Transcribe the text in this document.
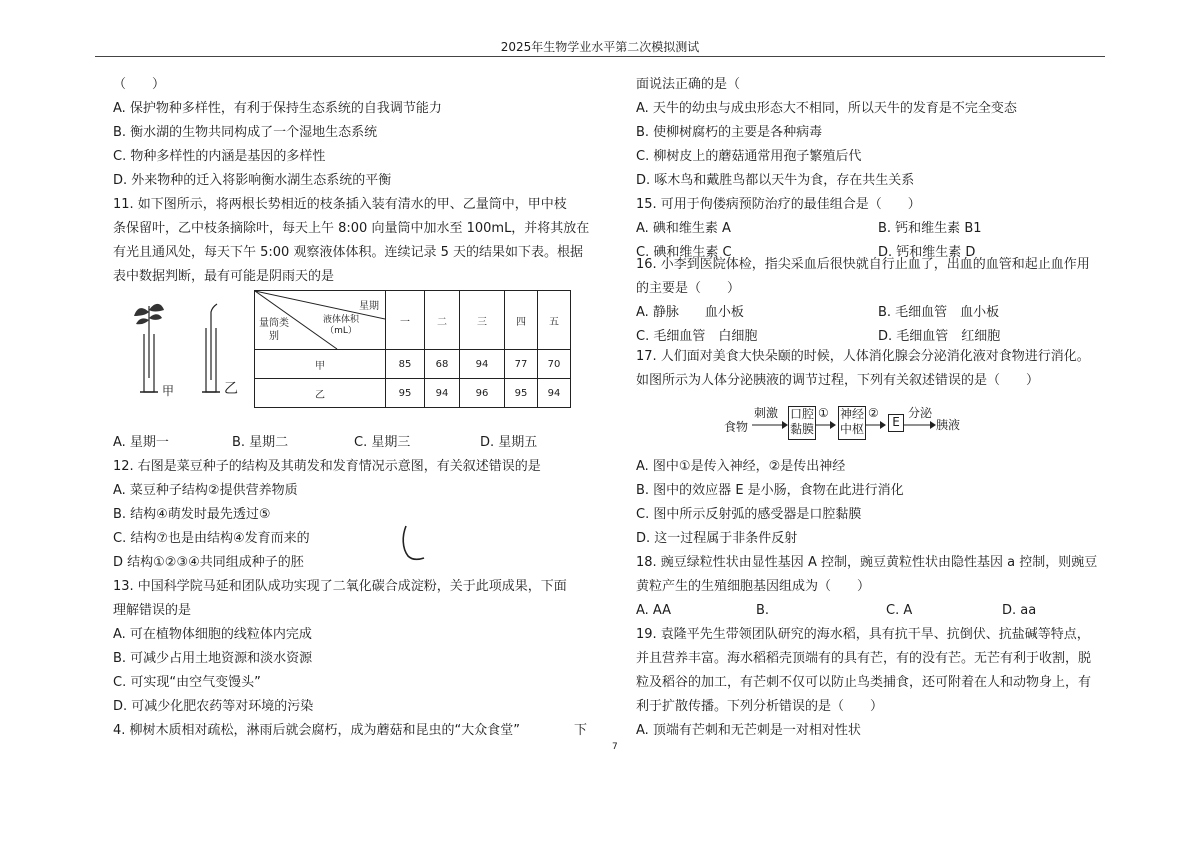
2025年生物学业水平第二次模拟测试
（　　）
A. 保护物种多样性，有利于保持生态系统的自我调节能力
B. 衡水湖的生物共同构成了一个湿地生态系统
C. 物种多样性的内涵是基因的多样性
D. 外来物种的迁入将影响衡水湖生态系统的平衡
11. 如下图所示，将两根长势相近的枝条插入装有清水的甲、乙量筒中，甲中枝
条保留叶，乙中枝条摘除叶，每天上午 8:00 向量筒中加水至 100mL，并将其放在
有光且通风处，每天下午 5:00 观察液体体积。连续记录 5 天的结果如下表。根据
表中数据判断，最有可能是阴雨天的是
甲	乙
星期
液体体积（mL）
量筒类别	一	二	三	四	五
甲	85	68	94	77	70
乙	95	94	96	95	94
A. 星期一	B. 星期二	C. 星期三	D. 星期五
12. 右图是菜豆种子的结构及其萌发和发育情况示意图，有关叙述错误的是
A. 菜豆种子结构②提供营养物质
B. 结构④萌发时最先透过⑤
C. 结构⑦也是由结构④发育而来的
D 结构①②③④共同组成种子的胚
13. 中国科学院马延和团队成功实现了二氧化碳合成淀粉，关于此项成果，下面
理解错误的是
A. 可在植物体细胞的线粒体内完成
B. 可减少占用土地资源和淡水资源
C. 可实现“由空气变馒头”
D. 可减少化肥农药等对环境的污染
4. 柳树木质相对疏松，淋雨后就会腐朽，成为蘑菇和昆虫的“大众食堂”	下
面说法正确的是（
A. 天牛的幼虫与成虫形态大不相同，所以天牛的发育是不完全变态
B. 使柳树腐朽的主要是各种病毒
C. 柳树皮上的蘑菇通常用孢子繁殖后代
D. 啄木鸟和戴胜鸟都以天牛为食，存在共生关系
15. 可用于佝偻病预防治疗的最佳组合是（　　）
A. 碘和维生素 A	B. 钙和维生素 B1
C. 碘和维生素 C	D. 钙和维生素 D
16. 小李到医院体检，指尖采血后很快就自行止血了，出血的血管和起止血作用
的主要是（　　）
A. 静脉　　血小板	B. 毛细血管　血小板
C. 毛细血管　白细胞	D. 毛细血管　红细胞
17. 人们面对美食大快朵颐的时候，人体消化腺会分泌消化液对食物进行消化。
如图所示为人体分泌胰液的调节过程，下列有关叙述错误的是（　　）
食物
刺激 口腔黏膜
① 神经中枢
②
E
分泌
胰液
A. 图中①是传入神经，②是传出神经
B. 图中的效应器 E 是小肠，食物在此进行消化
C. 图中所示反射弧的感受器是口腔黏膜
D. 这一过程属于非条件反射
18. 豌豆绿粒性状由显性基因 A 控制，豌豆黄粒性状由隐性基因 a 控制，则豌豆
黄粒产生的生殖细胞基因组成为（　　）
A. AA	B.	C. A	D. aa
19. 袁隆平先生带领团队研究的海水稻，具有抗干旱、抗倒伏、抗盐碱等特点，
并且营养丰富。海水稻稻壳顶端有的具有芒，有的没有芒。无芒有利于收割，脱
粒及稻谷的加工，有芒刺不仅可以防止鸟类捕食，还可附着在人和动物身上，有
利于扩散传播。下列分析错误的是（　　）
A. 顶端有芒刺和无芒刺是一对相对性状
7
